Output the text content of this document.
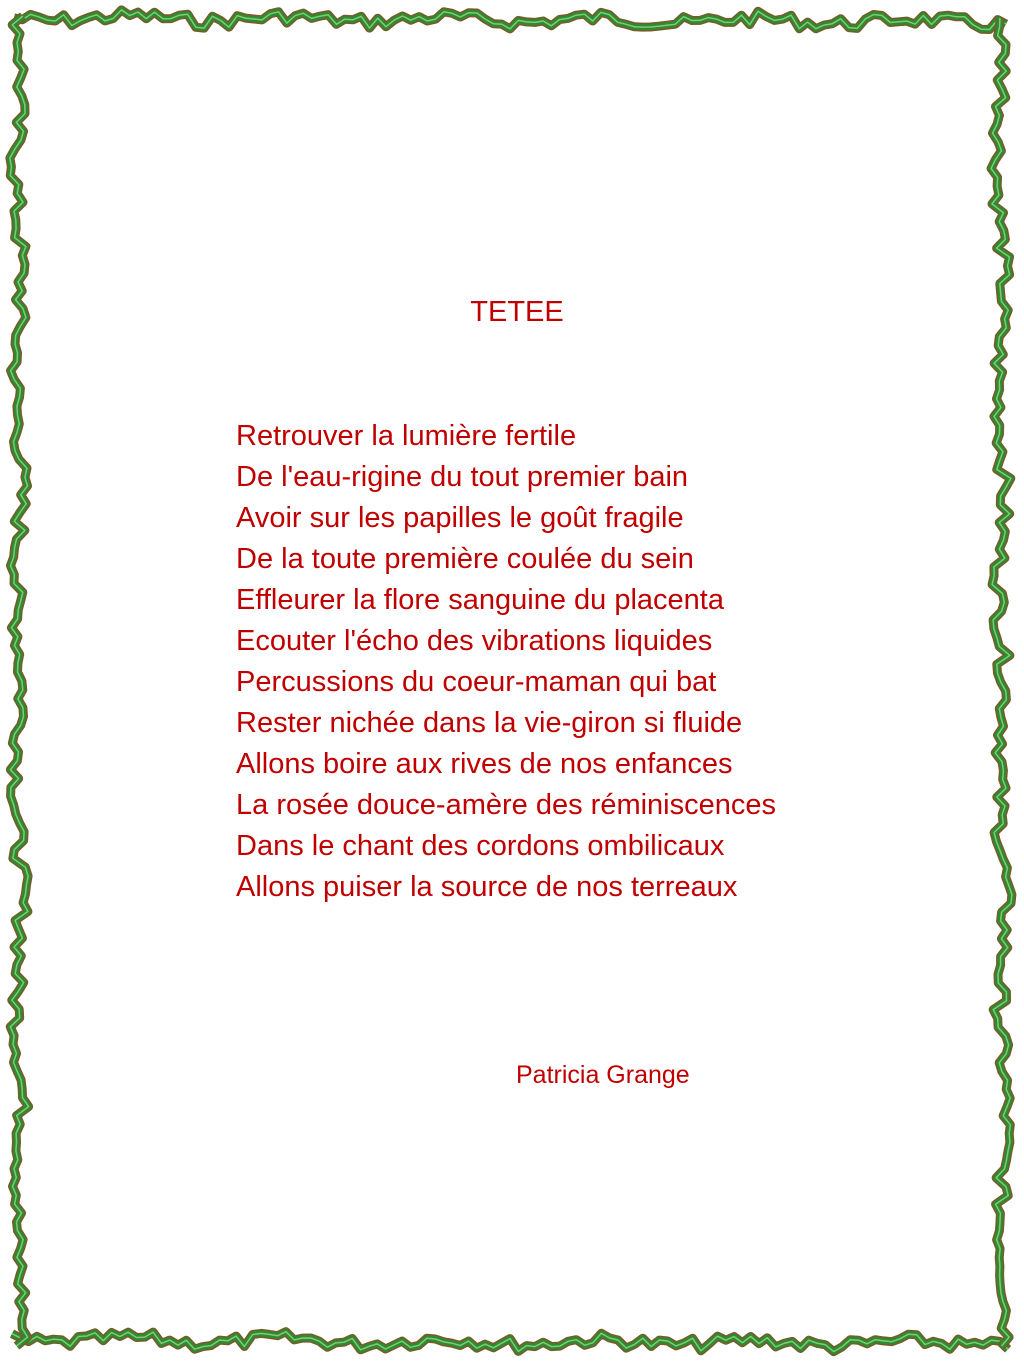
TETEE
Retrouver la lumière fertile
De l'eau-rigine du tout premier bain
Avoir sur les papilles le goût fragile
De la toute première coulée du sein
Effleurer la flore sanguine du placenta
Ecouter l'écho des vibrations liquides
Percussions du coeur-maman qui bat
Rester nichée dans la vie-giron si fluide
Allons boire aux rives de nos enfances
La rosée douce-amère des réminiscences
Dans le chant des cordons ombilicaux
Allons puiser la source de nos terreaux
Patricia Grange
